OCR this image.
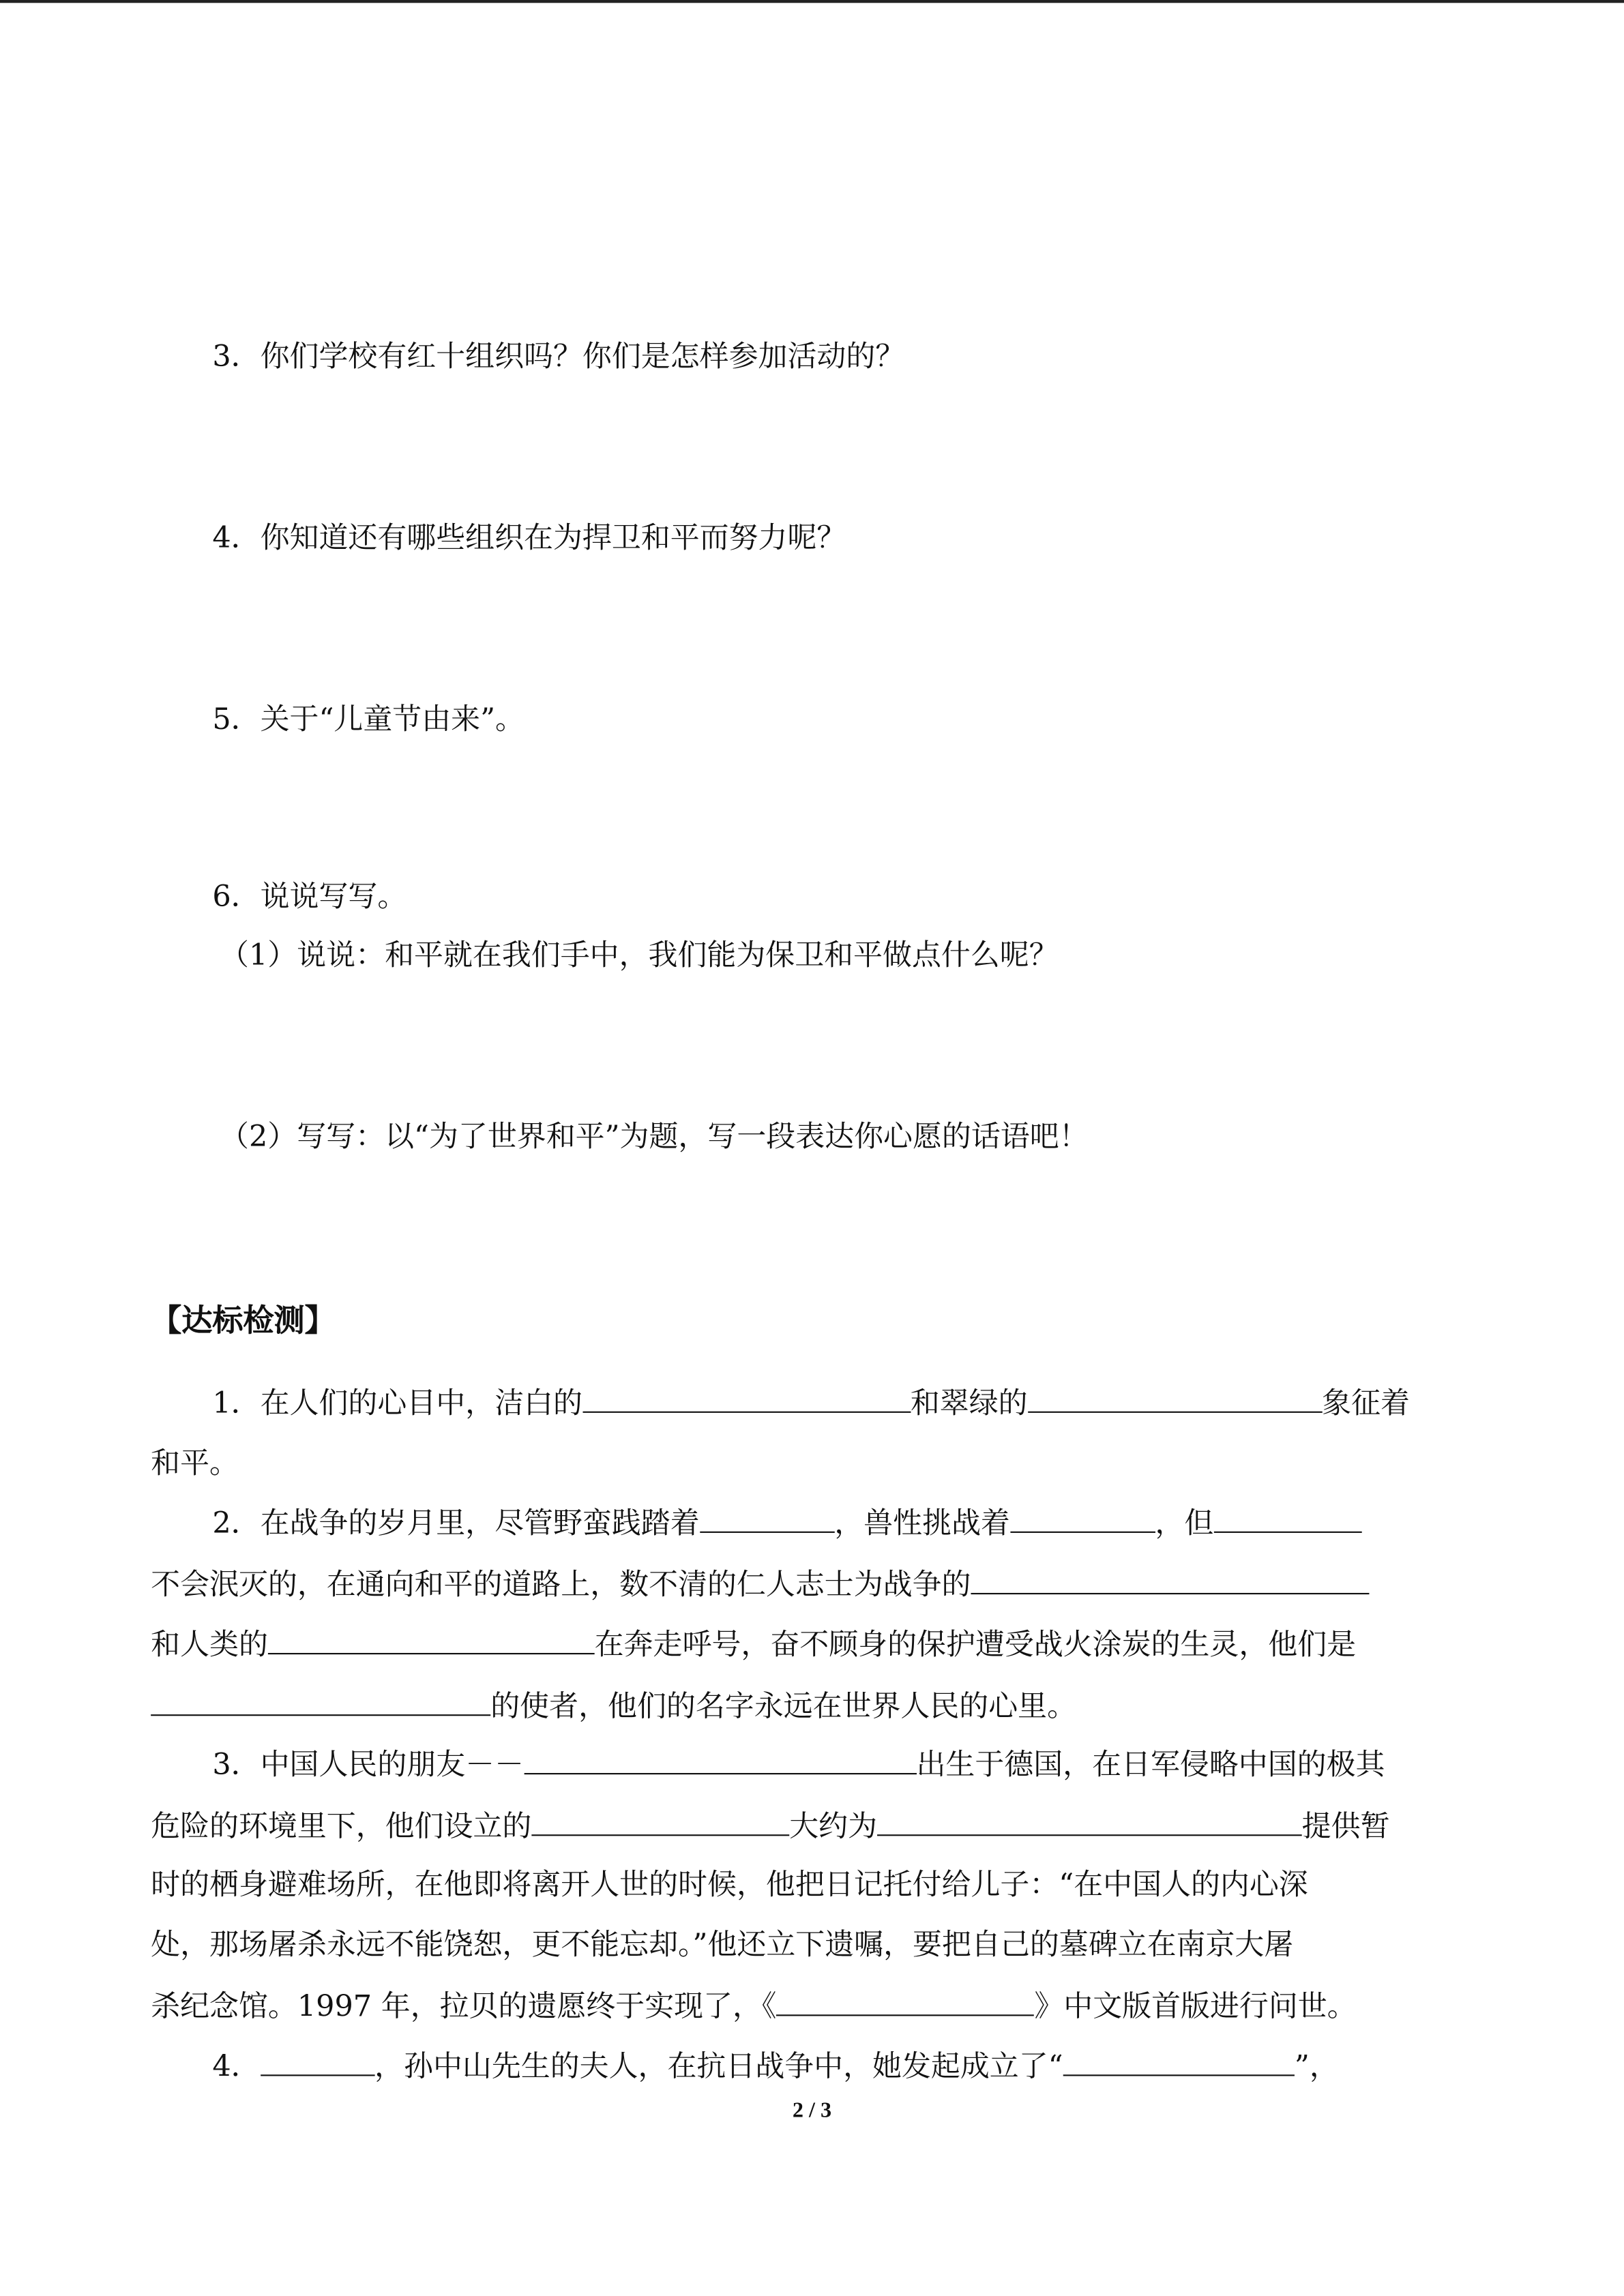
3．你们学校有红十组织吗？你们是怎样参加活动的？
4．你知道还有哪些组织在为捍卫和平而努力呢？
5．关于“儿童节由来”。
6．说说写写。
（1）说说：和平就在我们手中，我们能为保卫和平做点什么呢？
（2）写写：以“为了世界和平”为题，写一段表达你心愿的话语吧！
【达标检测】
1．在人们的心目中，洁白的	和翠绿的	象征着
和平。
2．在战争的岁月里，尽管野蛮践踏着	，兽性挑战着	，但
不会泯灭的，在通向和平的道路上，数不清的仁人志士为战争的
和人类的	在奔走呼号，奋不顾身的保护遭受战火涂炭的生灵，他们是
的使者，他们的名字永远在世界人民的心里。
3．中国人民的朋友－－	出生于德国，在日军侵略中国的极其
危险的环境里下，他们设立的	大约为	提供暂
时的栖身避难场所，在他即将离开人世的时候，他把日记托付给儿子：“在中国人的内心深
处，那场屠杀永远不能饶恕，更不能忘却。”他还立下遗嘱，要把自己的墓碑立在南京大屠
杀纪念馆。1997 年，拉贝的遗愿终于实现了，《	》中文版首版进行问世。
4．	，孙中山先生的夫人，在抗日战争中，她发起成立了“	”，
2 / 3
